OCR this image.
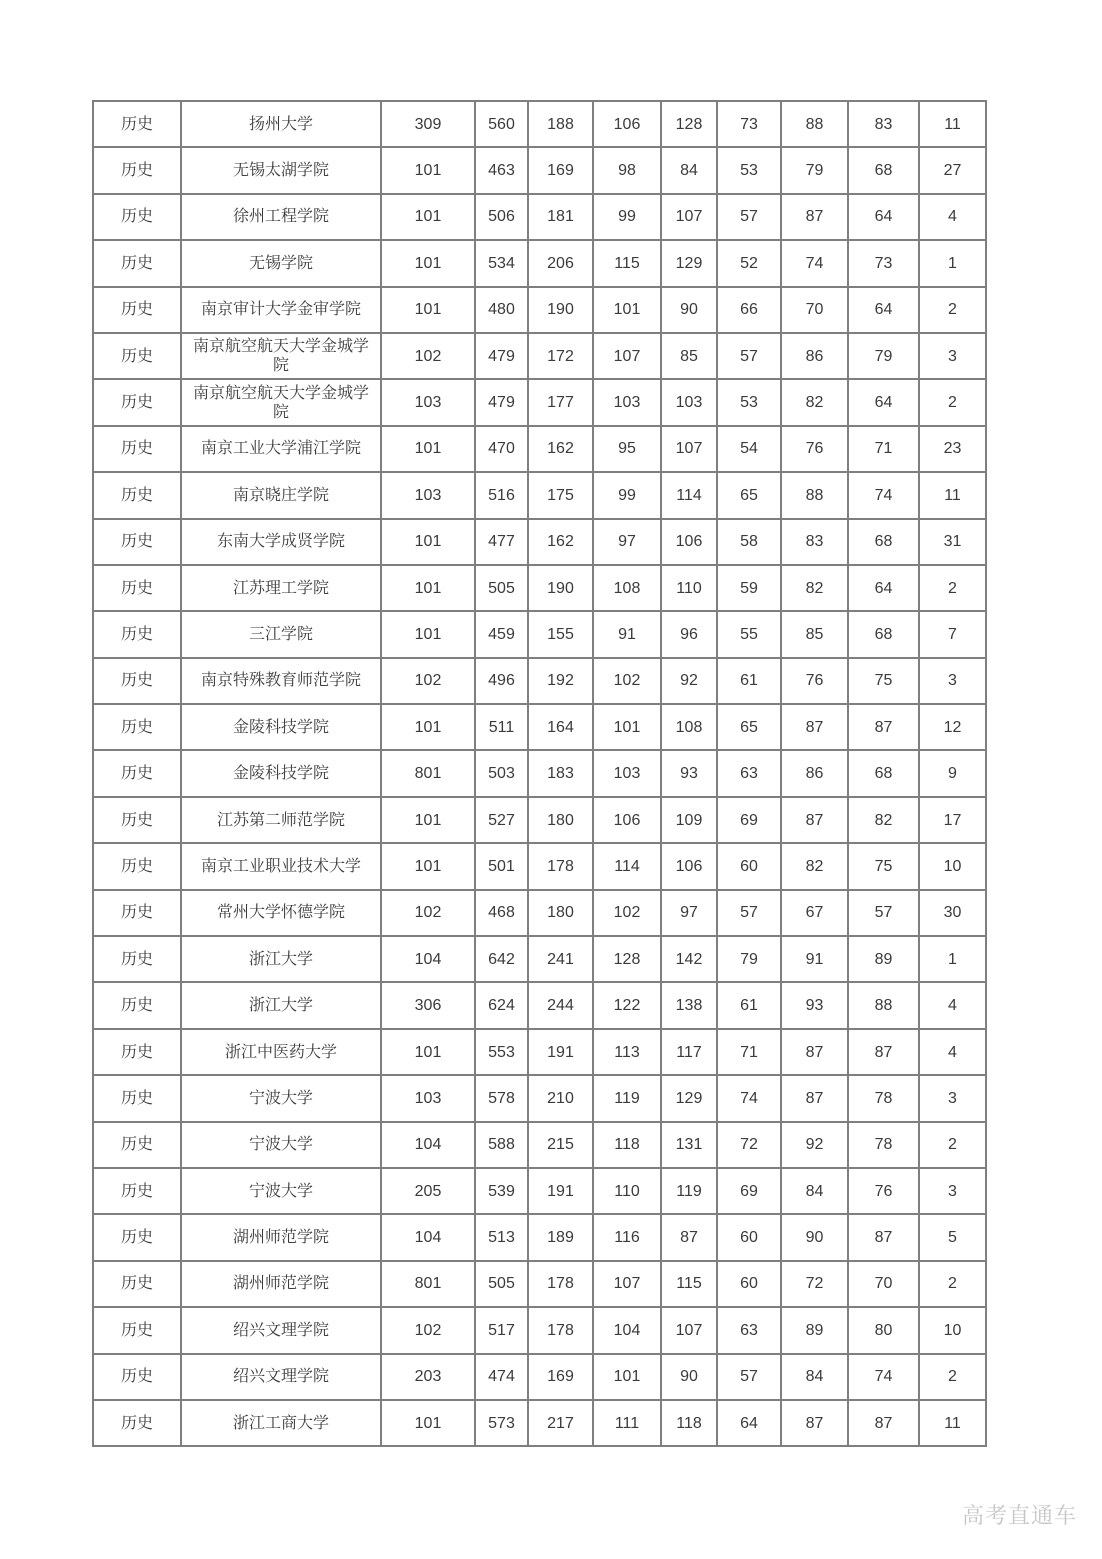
历史	扬州大学	309	560	188	106	128	73	88	83	11
历史	无锡太湖学院	101	463	169	98	84	53	79	68	27
历史	徐州工程学院	101	506	181	99	107	57	87	64	4
历史	无锡学院	101	534	206	115	129	52	74	73	1
历史	南京审计大学金审学院	101	480	190	101	90	66	70	64	2
历史	南京航空航天大学金城学院	102	479	172	107	85	57	86	79	3
历史	南京航空航天大学金城学院	103	479	177	103	103	53	82	64	2
历史	南京工业大学浦江学院	101	470	162	95	107	54	76	71	23
历史	南京晓庄学院	103	516	175	99	114	65	88	74	11
历史	东南大学成贤学院	101	477	162	97	106	58	83	68	31
历史	江苏理工学院	101	505	190	108	110	59	82	64	2
历史	三江学院	101	459	155	91	96	55	85	68	7
历史	南京特殊教育师范学院	102	496	192	102	92	61	76	75	3
历史	金陵科技学院	101	511	164	101	108	65	87	87	12
历史	金陵科技学院	801	503	183	103	93	63	86	68	9
历史	江苏第二师范学院	101	527	180	106	109	69	87	82	17
历史	南京工业职业技术大学	101	501	178	114	106	60	82	75	10
历史	常州大学怀德学院	102	468	180	102	97	57	67	57	30
历史	浙江大学	104	642	241	128	142	79	91	89	1
历史	浙江大学	306	624	244	122	138	61	93	88	4
历史	浙江中医药大学	101	553	191	113	117	71	87	87	4
历史	宁波大学	103	578	210	119	129	74	87	78	3
历史	宁波大学	104	588	215	118	131	72	92	78	2
历史	宁波大学	205	539	191	110	119	69	84	76	3
历史	湖州师范学院	104	513	189	116	87	60	90	87	5
历史	湖州师范学院	801	505	178	107	115	60	72	70	2
历史	绍兴文理学院	102	517	178	104	107	63	89	80	10
历史	绍兴文理学院	203	474	169	101	90	57	84	74	2
历史	浙江工商大学	101	573	217	111	118	64	87	87	11
高考直通车
